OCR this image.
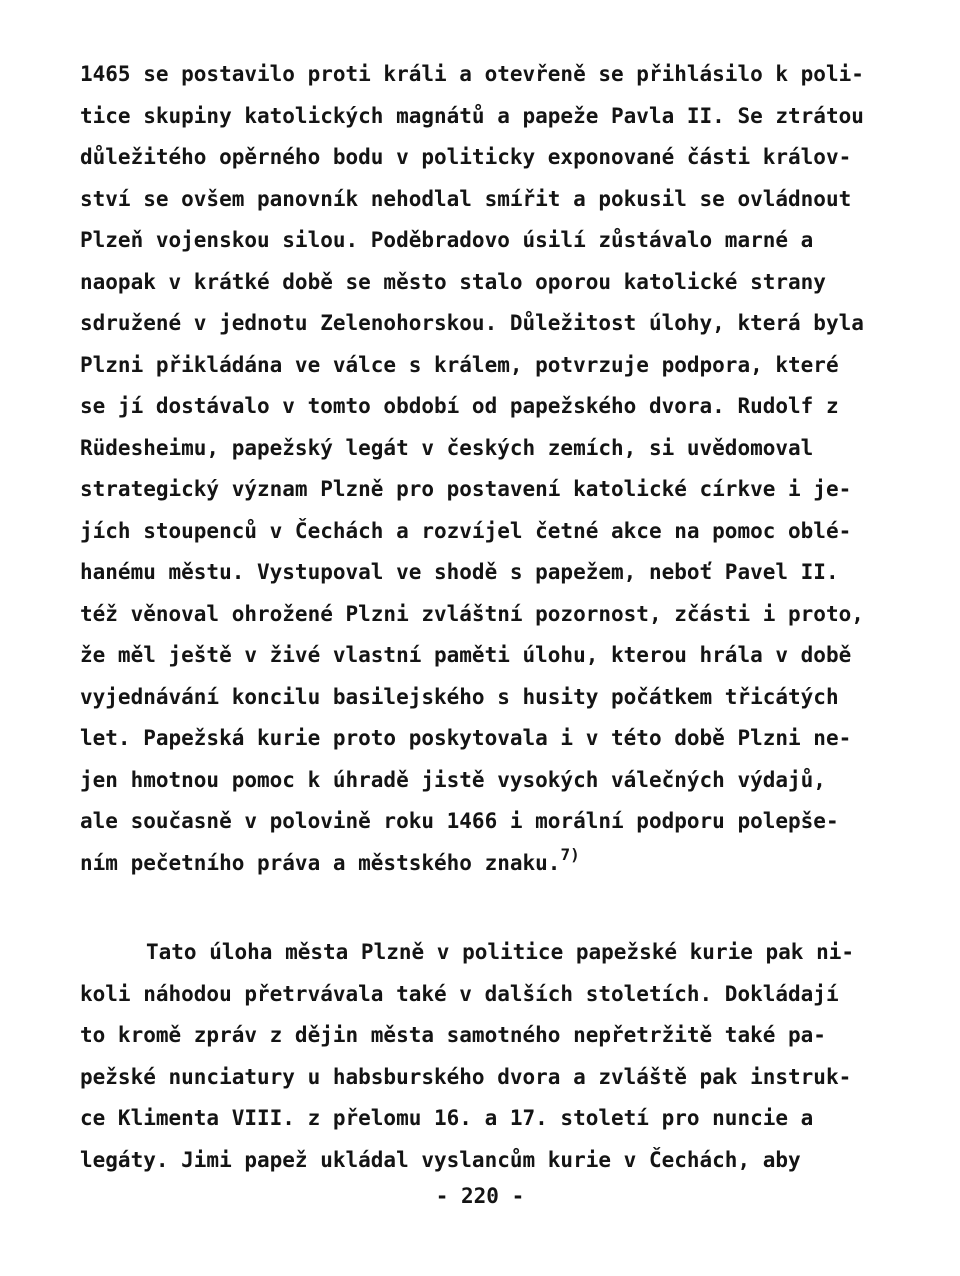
1465 se postavilo proti králi a otevřeně se přihlásilo k poli-
tice skupiny katolických magnátů a papeže Pavla II. Se ztrátou
důležitého opěrného bodu v politicky exponované části králov-
ství se ovšem panovník nehodlal smířit a pokusil se ovládnout
Plzeň vojenskou silou. Poděbradovo úsilí zůstávalo marné a
naopak v krátké době se město stalo oporou katolické strany
sdružené v jednotu Zelenohorskou. Důležitost úlohy, která byla
Plzni přikládána ve válce s králem, potvrzuje podpora, které
se jí dostávalo v tomto období od papežského dvora. Rudolf z
Rüdesheimu, papežský legát v českých zemích, si uvědomoval
strategický význam Plzně pro postavení katolické církve i je-
jích stoupenců v Čechách a rozvíjel četné akce na pomoc oblé-
hanému městu. Vystupoval ve shodě s papežem, neboť Pavel II.
též věnoval ohrožené Plzni zvláštní pozornost, zčásti i proto,
že měl ještě v živé vlastní paměti úlohu, kterou hrála v době
vyjednávání koncilu basilejského s husity počátkem třicátých
let. Papežská kurie proto poskytovala i v této době Plzni ne-
jen hmotnou pomoc k úhradě jistě vysokých válečných výdajů,
ale současně v polovině roku 1466 i morální podporu polepše-
ním pečetního práva a městského znaku.$^{7)}$
Tato úloha města Plzně v politice papežské kurie pak ni-
koli náhodou přetrvávala také v dalších stoletích. Dokládají
to kromě zpráv z dějin města samotného nepřetržitě také pa-
pežské nunciatury u habsburského dvora a zvláště pak instruk-
ce Klimenta VIII. z přelomu 16. a 17. století pro nuncie a
legáty. Jimi papež ukládal vyslancům kurie v Čechách, aby
- 220 -
